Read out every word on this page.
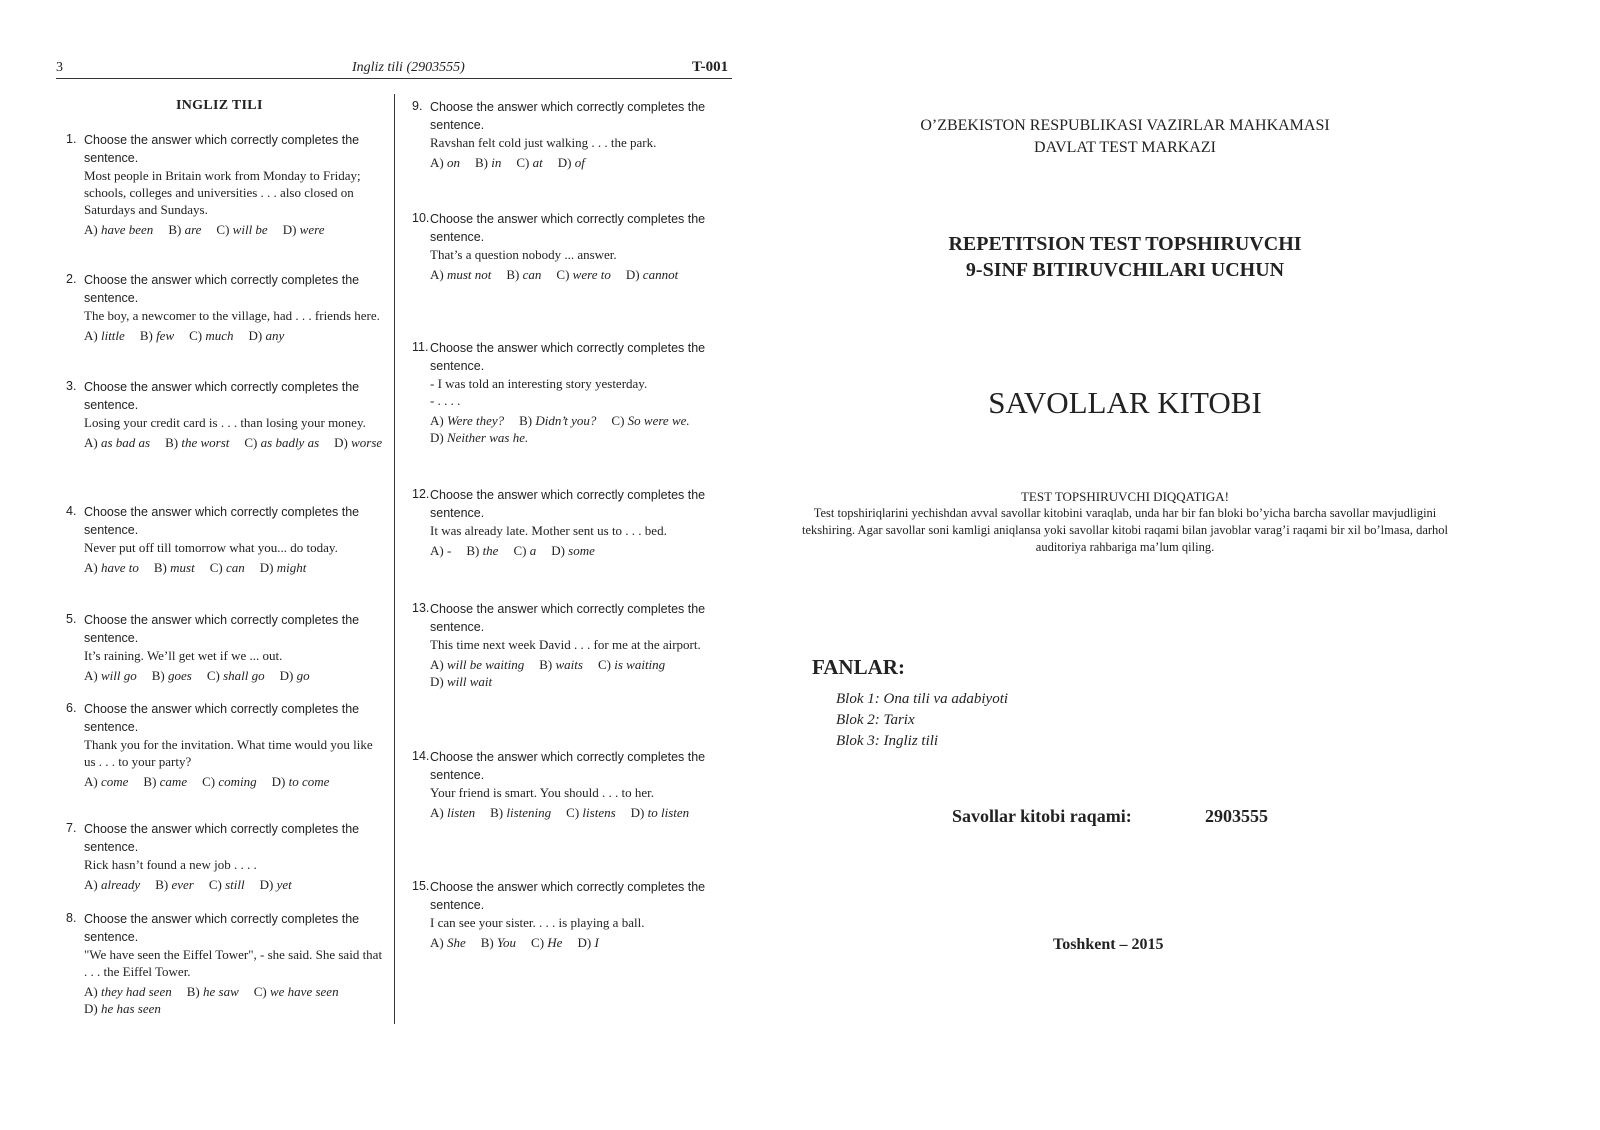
3	Ingliz tili (2903555)	T-001
INGLIZ TILI
1. Choose the answer which correctly completes the sentence.
Most people in Britain work from Monday to Friday; schools, colleges and universities . . . also closed on Saturdays and Sundays.
A) have been B) are C) will be D) were
2. Choose the answer which correctly completes the sentence.
The boy, a newcomer to the village, had . . . friends here.
A) little B) few C) much D) any
3. Choose the answer which correctly completes the sentence.
Losing your credit card is . . . than losing your money.
A) as bad as B) the worst C) as badly as D) worse
4. Choose the answer which correctly completes the sentence.
Never put off till tomorrow what you... do today.
A) have to B) must C) can D) might
5. Choose the answer which correctly completes the sentence.
It’s raining. We’ll get wet if we ... out.
A) will go B) goes C) shall go D) go
6. Choose the answer which correctly completes the sentence.
Thank you for the invitation. What time would you like us . . . to your party?
A) come B) came C) coming D) to come
7. Choose the answer which correctly completes the sentence.
Rick hasn’t found a new job . . . .
A) already B) ever C) still D) yet
8. Choose the answer which correctly completes the sentence.
"We have seen the Eiffel Tower", - she said. She said that . . . the Eiffel Tower.
A) they had seen B) he saw C) we have seen
D) he has seen
9. Choose the answer which correctly completes the sentence.
Ravshan felt cold just walking . . . the park.
A) on B) in C) at D) of
10. Choose the answer which correctly completes the sentence.
That’s a question nobody ... answer.
A) must not B) can C) were to D) cannot
11. Choose the answer which correctly completes the sentence.
- I was told an interesting story yesterday.
- . . . .
A) Were they? B) Didn’t you? C) So were we.
D) Neither was he.
12. Choose the answer which correctly completes the sentence.
It was already late. Mother sent us to . . . bed.
A) - B) the C) a D) some
13. Choose the answer which correctly completes the sentence.
This time next week David . . . for me at the airport.
A) will be waiting B) waits C) is waiting
D) will wait
14. Choose the answer which correctly completes the sentence.
Your friend is smart. You should . . . to her.
A) listen B) listening C) listens D) to listen
15. Choose the answer which correctly completes the sentence.
I can see your sister. . . . is playing a ball.
A) She B) You C) He D) I
O’ZBEKISTON RESPUBLIKASI VAZIRLAR MAHKAMASI
DAVLAT TEST MARKAZI
REPETITSION TEST TOPSHIRUVCHI
9-SINF BITIRUVCHILARI UCHUN
SAVOLLAR KITOBI
TEST TOPSHIRUVCHI DIQQATIGA!
Test topshiriqlarini yechishdan avval savollar kitobini varaqlab, unda har bir fan bloki bo’yicha barcha savollar mavjudligini tekshiring. Agar savollar soni kamligi aniqlansa yoki savollar kitobi raqami bilan javoblar varag’i raqami bir xil bo’lmasa, darhol auditoriya rahbariga ma’lum qiling.
FANLAR:
Blok 1: Ona tili va adabiyoti
Blok 2: Tarix
Blok 3: Ingliz tili
Savollar kitobi raqami:	2903555
Toshkent – 2015
